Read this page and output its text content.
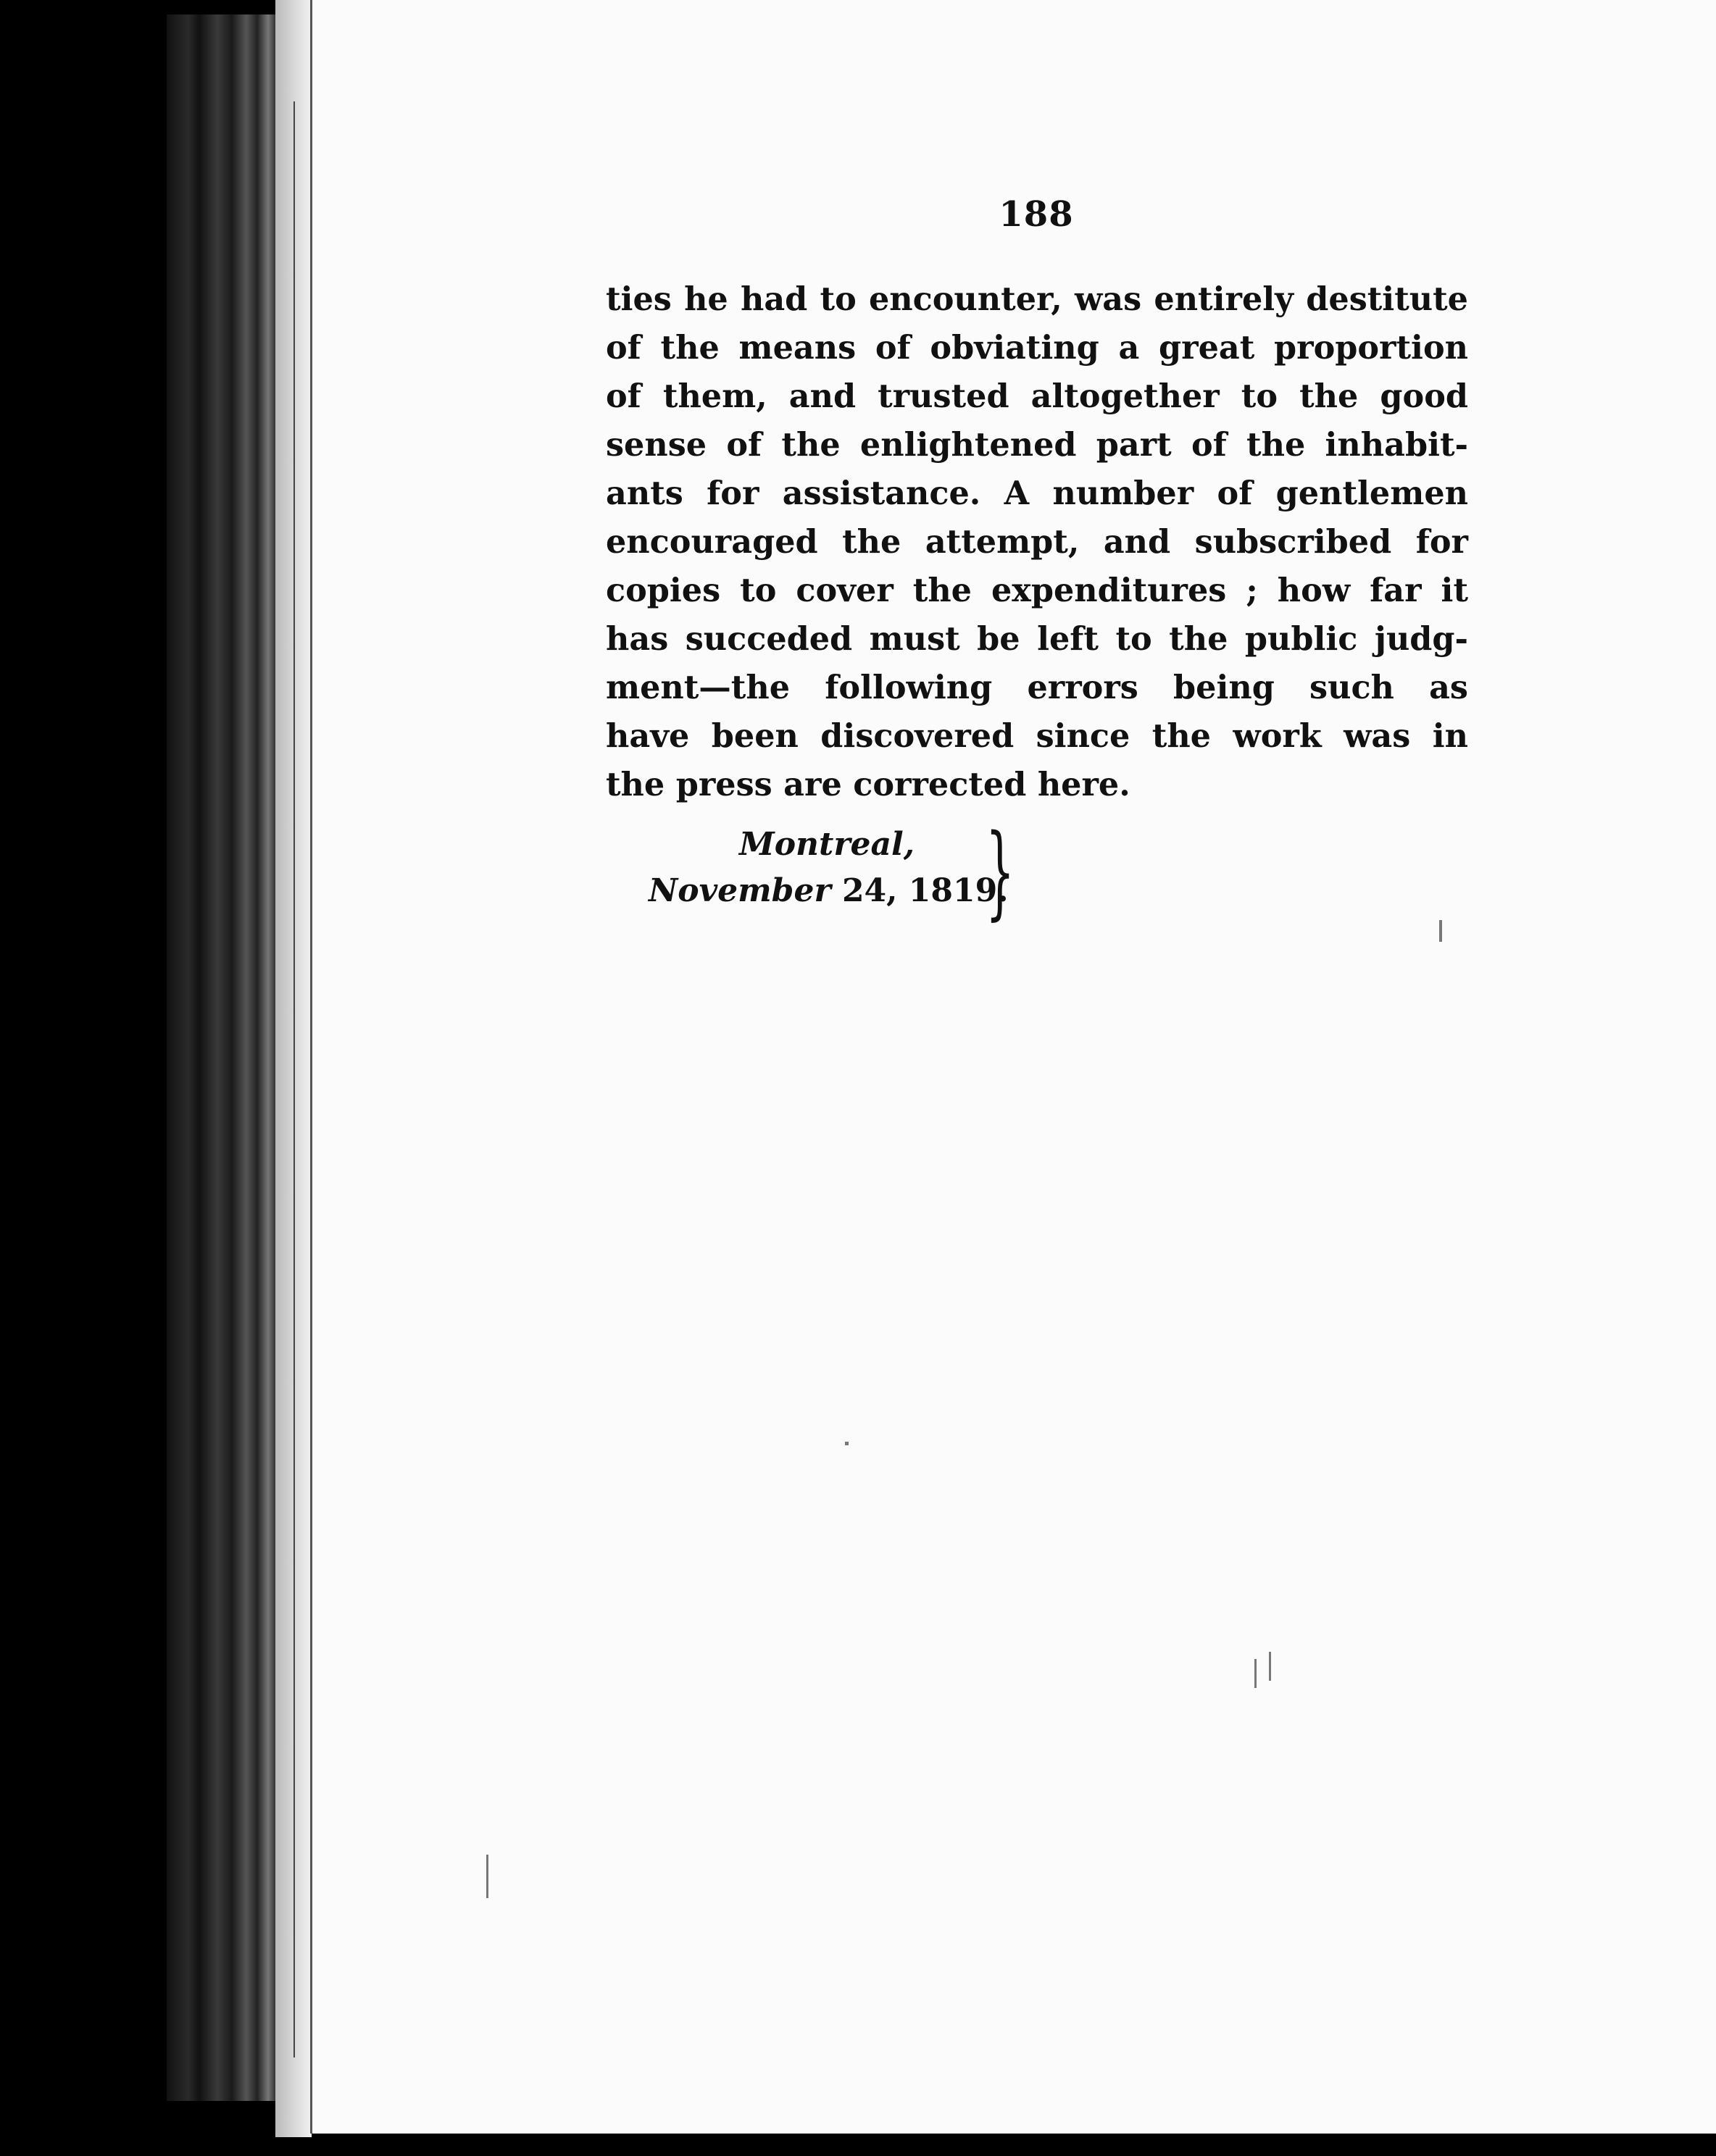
188
ties he had to encounter, was entirely destitute
of the means of obviating a great proportion
of them, and trusted altogether to the good
sense of the enlightened part of the inhabit-
ants for assistance. A number of gentlemen
encouraged the attempt, and subscribed for
copies to cover the expenditures ; how far it
has succeded must be left to the public judg-
ment—the following errors being such as
have been discovered since the work was in
the press are corrected here.
Montreal,
November 24, 1819.
}
